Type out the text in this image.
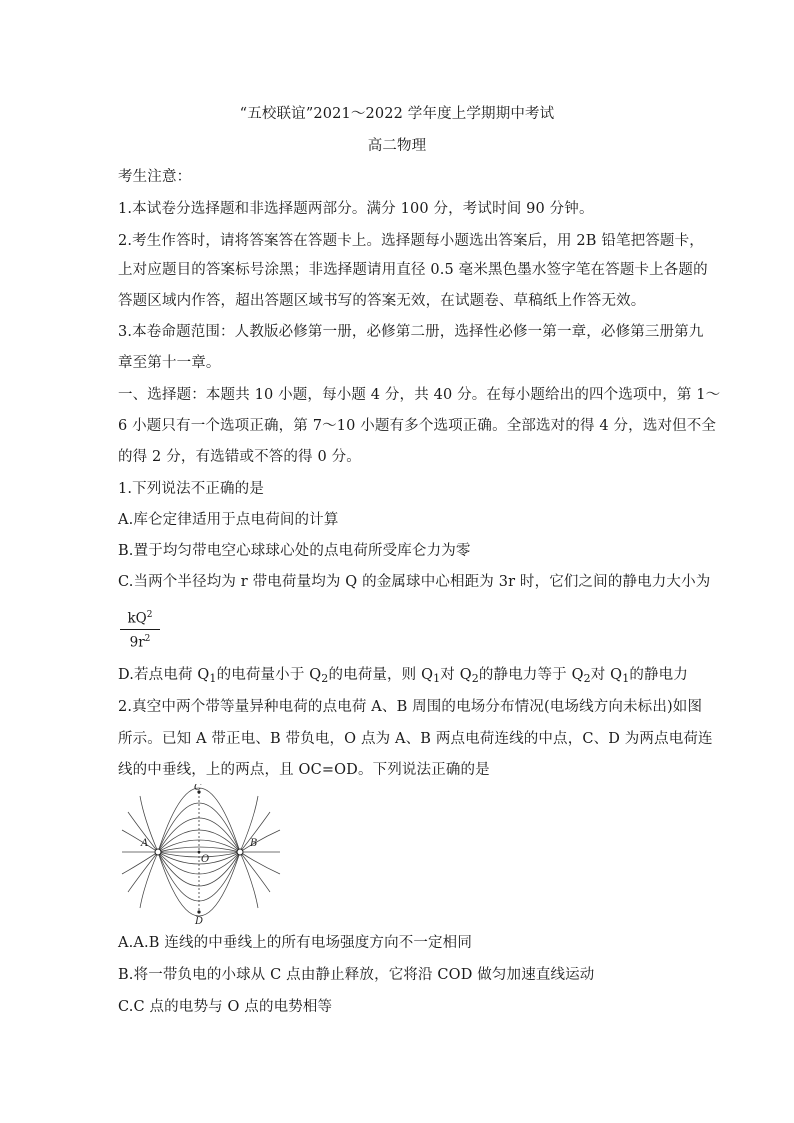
“五校联谊”2021～2022 学年度上学期期中考试
高二物理
考生注意：
1.本试卷分选择题和非选择题两部分。满分 100 分，考试时间 90 分钟。
2.考生作答时，请将答案答在答题卡上。选择题每小题选出答案后，用 2B 铅笔把答题卡，
上对应题目的答案标号涂黑；非选择题请用直径 0.5 毫米黑色墨水签字笔在答题卡上各题的
答题区域内作答，超出答题区域书写的答案无效，在试题卷、草稿纸上作答无效。
3.本卷命题范围：人教版必修第一册，必修第二册，选择性必修一第一章，必修第三册第九
章至第十一章。
一、选择题：本题共 10 小题，每小题 4 分，共 40 分。在每小题给出的四个选项中，第 1～
6 小题只有一个选项正确，第 7～10 小题有多个选项正确。全部选对的得 4 分，选对但不全
的得 2 分，有选错或不答的得 0 分。
1.下列说法不正确的是
A.库仑定律适用于点电荷间的计算
B.置于均匀带电空心球球心处的点电荷所受库仑力为零
C.当两个半径均为 r 带电荷量均为 Q 的金属球中心相距为 3r 时，它们之间的静电力大小为
$\frac{kQ^2}{9r^2}$
D.若点电荷 $Q_1$的电荷量小于 $Q_2$的电荷量，则 $Q_1$对 $Q_2$的静电力等于 $Q_2$对 $Q_1$的静电力
2.真空中两个带等量异种电荷的点电荷 A、B 周围的电场分布情况(电场线方向未标出)如图
所示。已知 A 带正电、B 带负电，O 点为 A、B 两点电荷连线的中点，C、D 为两点电荷连
线的中垂线，上的两点，且 OC=OD。下列说法正确的是
A	B
C
D
O
A.A.B 连线的中垂线上的所有电场强度方向不一定相同
B.将一带负电的小球从 C 点由静止释放，它将沿 COD 做匀加速直线运动
C.C 点的电势与 O 点的电势相等
